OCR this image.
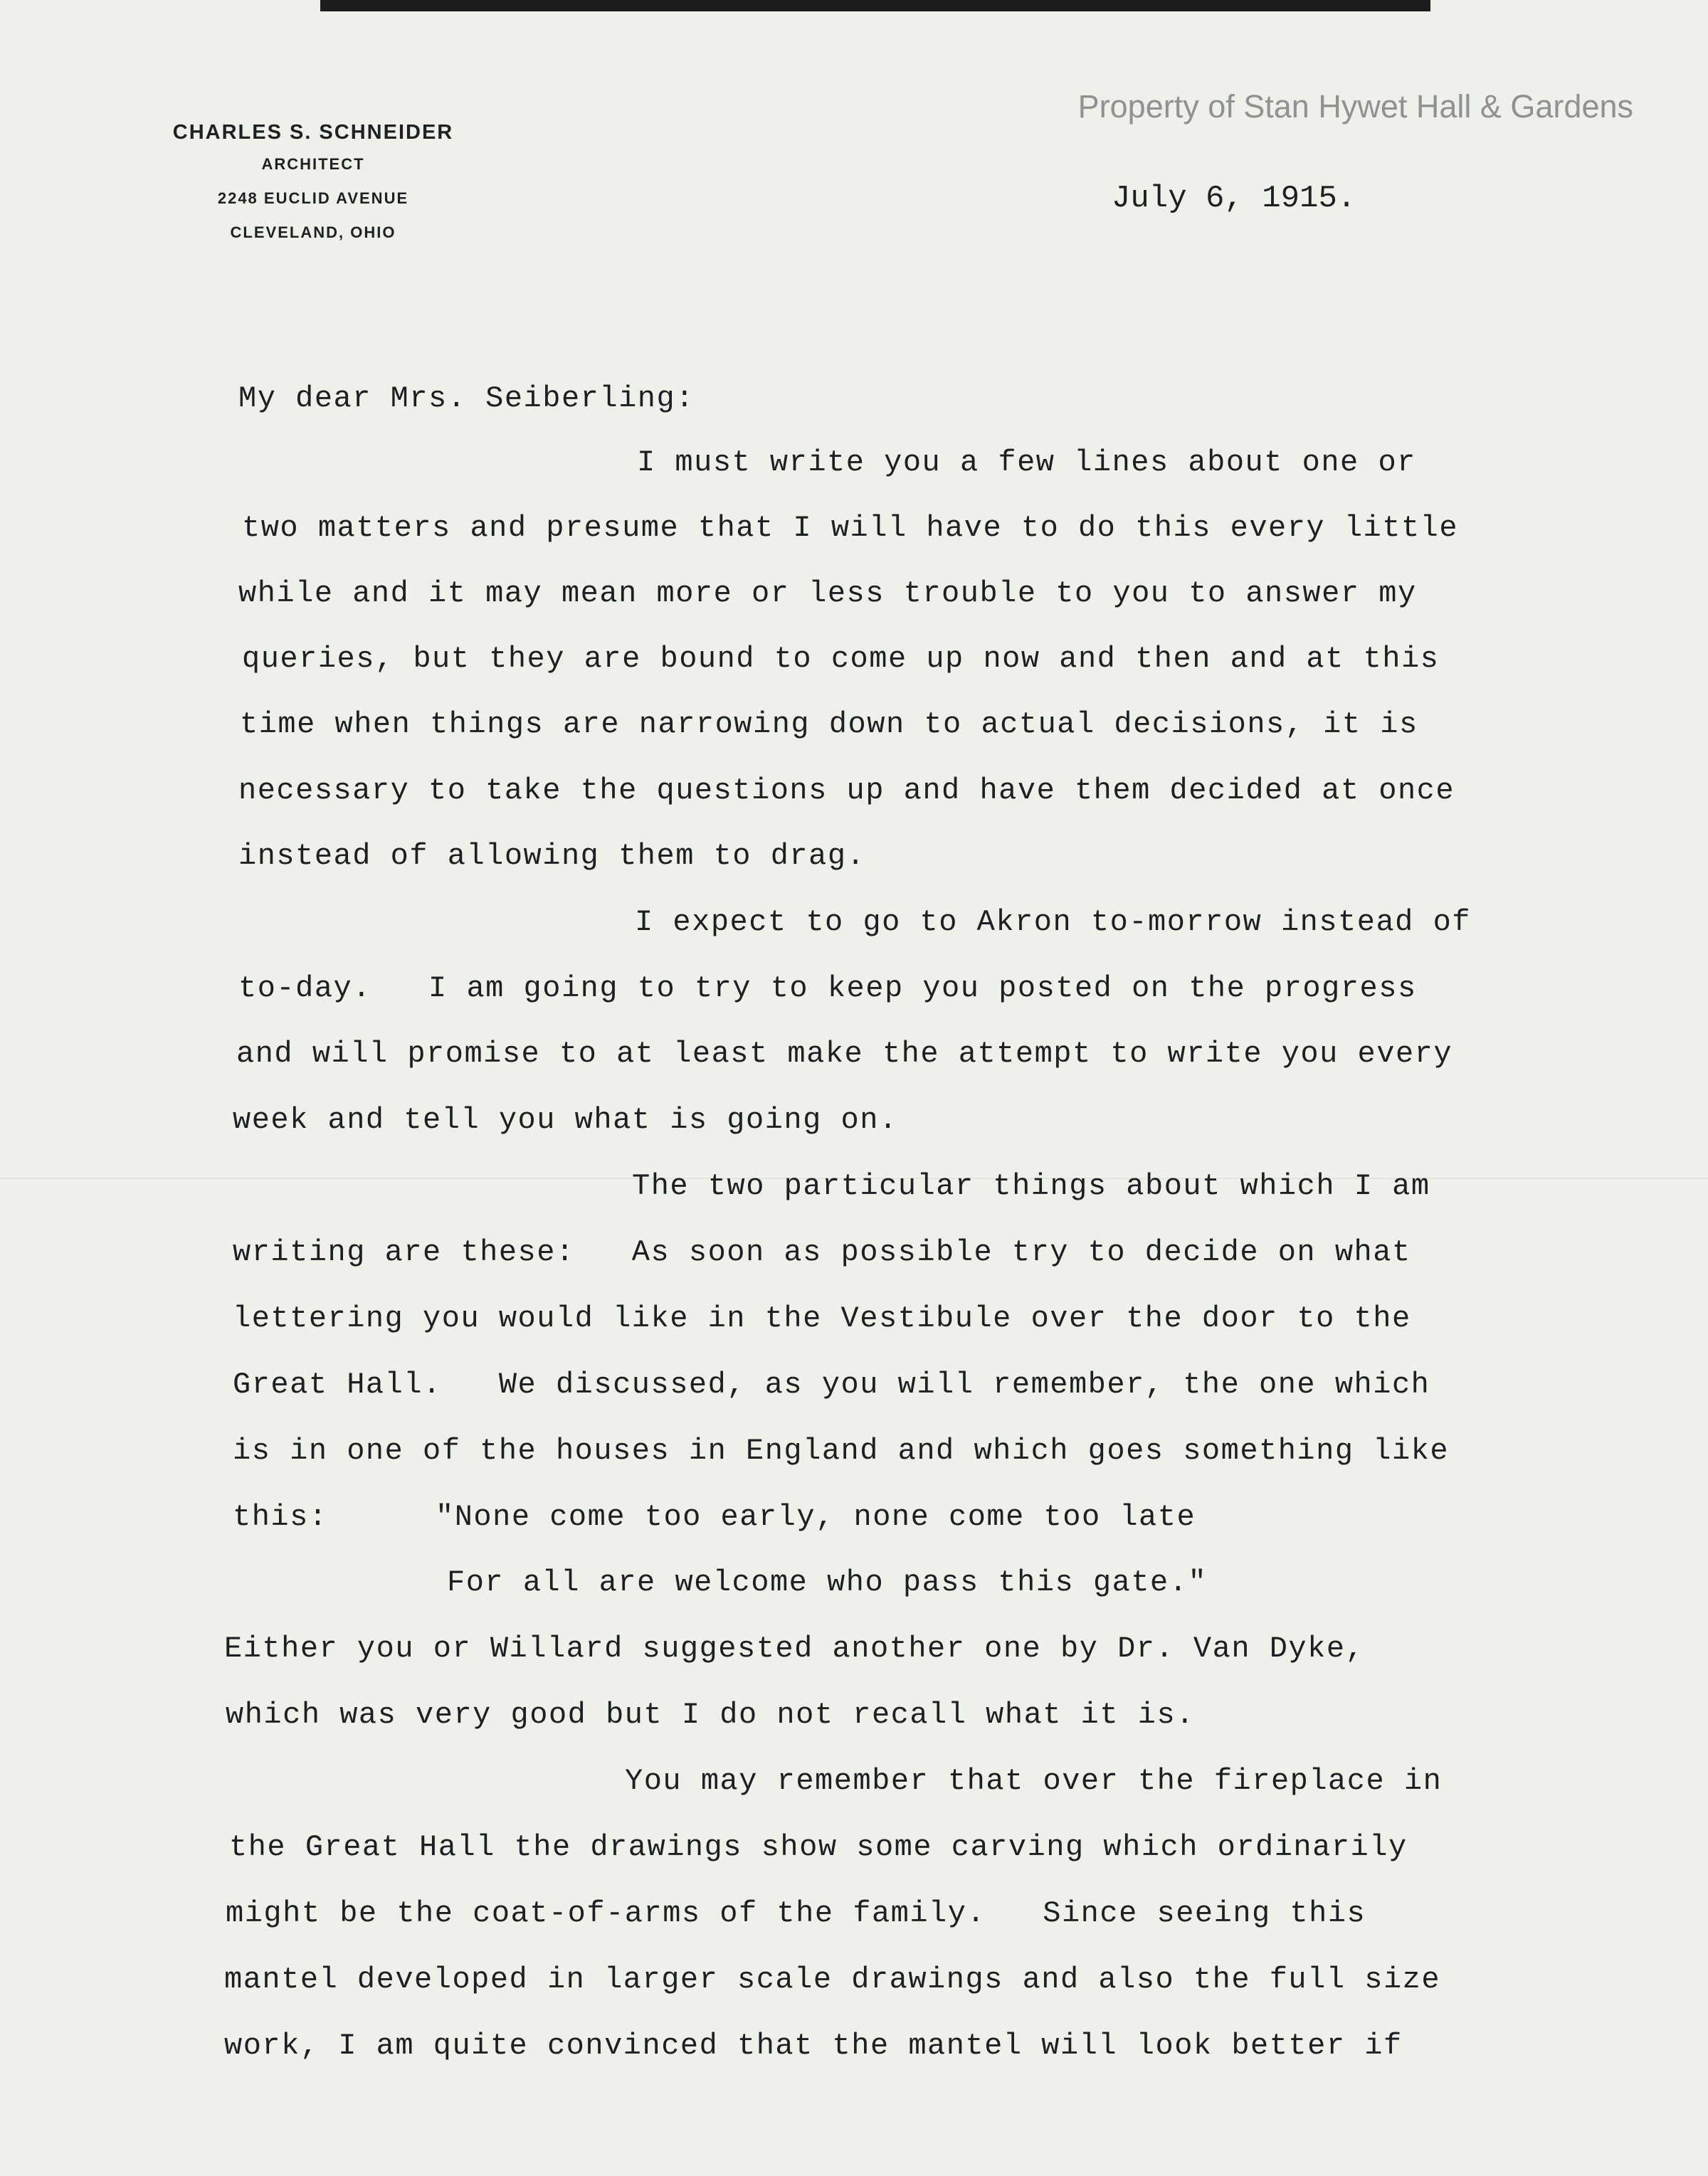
CHARLES S. SCHNEIDER
ARCHITECT
2248 EUCLID AVENUE
CLEVELAND, OHIO
Property of Stan Hywet Hall & Gardens
July 6, 1915.
My dear Mrs. Seiberling:
I must write you a few lines about one or
two matters and presume that I will have to do this every little
while and it may mean more or less trouble to you to answer my
queries, but they are bound to come up now and then and at this
time when things are narrowing down to actual decisions, it is
necessary to take the questions up and have them decided at once
instead of allowing them to drag.
I expect to go to Akron to-morrow instead of
to-day.   I am going to try to keep you posted on the progress
and will promise to at least make the attempt to write you every
week and tell you what is going on.
The two particular things about which I am
writing are these:   As soon as possible try to decide on what
lettering you would like in the Vestibule over the door to the
Great Hall.   We discussed, as you will remember, the one which
is in one of the houses in England and which goes something like
this:	"None come too early, none come too late
For all are welcome who pass this gate."
Either you or Willard suggested another one by Dr. Van Dyke,
which was very good but I do not recall what it is.
You may remember that over the fireplace in
the Great Hall the drawings show some carving which ordinarily
might be the coat-of-arms of the family.   Since seeing this
mantel developed in larger scale drawings and also the full size
work, I am quite convinced that the mantel will look better if
